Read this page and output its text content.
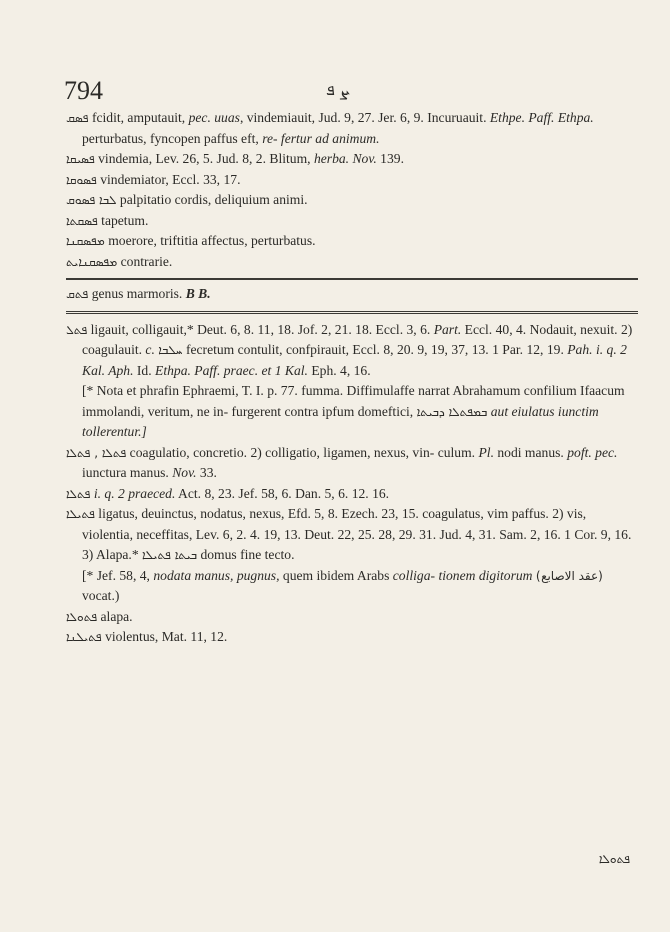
794	ܨ ܦ

ܦܣܩ fcidit, amputauit, pec. uuas, vindemiauit, Jud. 9, 27. Jer. 6, 9. Incuruauit. Ethpe. Paff. Ethpa. perturbatus, fyncopen paffus eft, re- fertur ad animum.

ܦܣܝܩܐ vindemia, Lev. 26, 5. Jud. 8, 2. Blitum, herba. Nov. 139.

ܦܣܘܩܐ vindemiator, Eccl. 33, 17.

ܠܒܐ ܦܣܘܩ palpitatio cordis, deliquium animi.

ܦܣܩܬܐ tapetum.

ܡܦܣܩܢܐ moerore, triftitia affectus, perturbatus.

ܡܦܣܩܢܐܝܬ contrarie.

ܦܬܩ genus marmoris. B B.

ܦܬܠ ligauit, colligauit,* Deut. 6, 8. 11, 18. Jof. 2, 21. 18. Eccl. 3, 6. Part. Eccl. 40, 4. Nodauit, nexuit. 2) coagulauit. c. ܚܠܒܐ fecretum contulit, confpirauit, Eccl. 8, 20. 9, 19, 37, 13. 1 Par. 12, 19. Pah. i. q. 2 Kal. Aph. Id. Ethpa. Paff. praec. et 1 Kal. Eph. 4, 16.

[* Nota et phrafin Ephraemi, T. I. p. 77. fumma. Diffimulaffe narrat Abrahamum confilium Ifaacum immolandi, veritum, ne in- furgerent contra ipfum domeftici, ܒܡܦܬܠܐ ܕܒܝܬܐ aut eiulatus iunctim tollerentur.]

ܦܬܠܐ , ܦܬܠܐ coagulatio, concretio. 2) colligatio, ligamen, nexus, vin- culum. Pl. nodi manus. poft. pec. iunctura manus. Nov. 33.

ܦܬܠܐ i. q. 2 praeced. Act. 8, 23. Jef. 58, 6. Dan. 5, 6. 12. 16.

ܦܬܝܠܐ ligatus, deuinctus, nodatus, nexus, Efd. 5, 8. Ezech. 23, 15. coagulatus, vim paffus. 2) vis, violentia, neceffitas, Lev. 6, 2. 4. 19, 13. Deut. 22, 25. 28, 29. 31. Jud. 4, 31. Sam. 2, 16. 1 Cor. 9, 16. 3) Alapa.* ܒܝܬܐ ܦܬܝܠܐ domus fine tecto.

[* Jef. 58, 4, nodata manus, pugnus, quem ibidem Arabs colliga- tionem digitorum (عقد الاصابع) vocat.)

ܦܬܘܠܐ alapa.

ܦܬܝܠܢܐ violentus, Mat. 11, 12.

ܦܬܘܠܐ
